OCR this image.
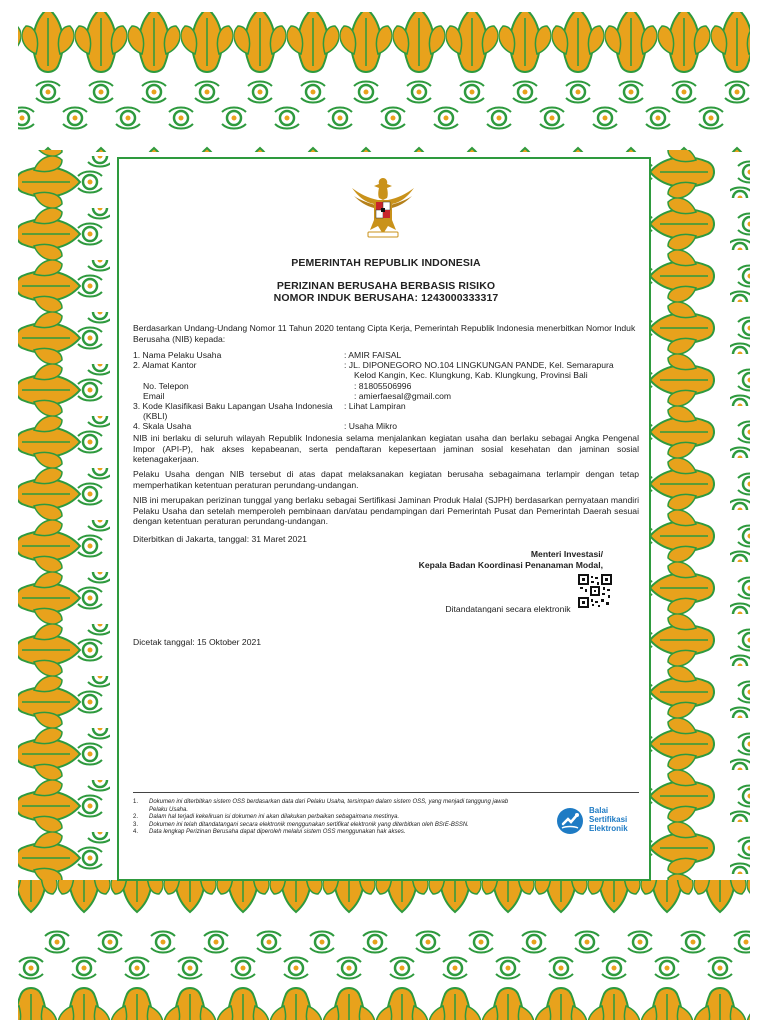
PEMERINTAH REPUBLIK INDONESIA
PERIZINAN BERUSAHA BERBASIS RISIKO
NOMOR INDUK BERUSAHA: 1243000333317
Berdasarkan Undang-Undang Nomor 11 Tahun 2020 tentang Cipta Kerja, Pemerintah Republik Indonesia menerbitkan Nomor Induk Berusaha (NIB) kepada:
1. Nama Pelaku Usaha	: AMIR FAISAL
2. Alamat Kantor	: JL. DIPONEGORO NO.104 LINGKUNGAN PANDE, Kel. Semarapura
Kelod Kangin, Kec. Klungkung, Kab. Klungkung, Provinsi Bali
No. Telepon	: 81805506996
Email	: amierfaesal@gmail.com
3. Kode Klasifikasi Baku Lapangan Usaha Indonesia	: Lihat Lampiran
(KBLI)
4. Skala Usaha	: Usaha Mikro
NIB ini berlaku di seluruh wilayah Republik Indonesia selama menjalankan kegiatan usaha dan berlaku sebagai Angka Pengenal Impor (API-P), hak akses kepabeanan, serta pendaftaran kepesertaan jaminan sosial kesehatan dan jaminan sosial ketenagakerjaan.
Pelaku Usaha dengan NIB tersebut di atas dapat melaksanakan kegiatan berusaha sebagaimana terlampir dengan tetap memperhatikan ketentuan peraturan perundang-undangan.
NIB ini merupakan perizinan tunggal yang berlaku sebagai Sertifikasi Jaminan Produk Halal (SJPH) berdasarkan pernyataan mandiri Pelaku Usaha dan setelah memperoleh pembinaan dan/atau pendampingan dari Pemerintah Pusat dan Pemerintah Daerah sesuai dengan ketentuan peraturan perundang-undangan.
Diterbitkan di Jakarta, tanggal: 31 Maret 2021
Menteri Investasi/
Kepala Badan Koordinasi Penanaman Modal,
Ditandatangani secara elektronik
Dicetak tanggal: 15 Oktober 2021
1.	Dokumen ini diterbitkan sistem OSS berdasarkan data dari Pelaku Usaha, tersimpan dalam sistem OSS, yang menjadi tanggung jawab Pelaku Usaha.
2.	Dalam hal terjadi kekeliruan isi dokumen ini akan dilakukan perbaikan sebagaimana mestinya.
3.	Dokumen ini telah ditandatangani secara elektronik menggunakan sertifikat elektronik yang diterbitkan oleh BSrE-BSSN.
4.	Data lengkap Perizinan Berusaha dapat diperoleh melalui sistem OSS menggunakan hak akses.
Balai
Sertifikasi
Elektronik
